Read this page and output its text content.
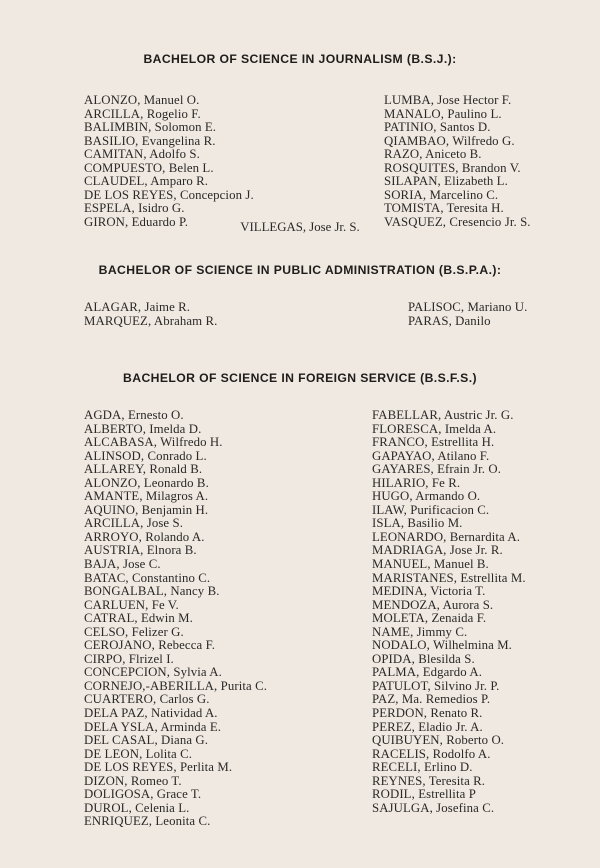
BACHELOR OF SCIENCE IN JOURNALISM (B.S.J.):
ALONZO, Manuel O.
ARCILLA, Rogelio F.
BALIMBIN, Solomon E.
BASILIO, Evangelina R.
CAMITAN, Adolfo S.
COMPUESTO, Belen L.
CLAUDEL, Amparo R.
DE LOS REYES, Concepcion J.
ESPELA, Isidro G.
GIRON, Eduardo P.
LUMBA, Jose Hector F.
MANALO, Paulino L.
PATINIO, Santos D.
QIAMBAO, Wilfredo G.
RAZO, Aniceto B.
ROSQUITES, Brandon V.
SILAPAN, Elizabeth L.
SORIA, Marcelino C.
TOMISTA, Teresita H.
VASQUEZ, Cresencio Jr. S.
VILLEGAS, Jose Jr. S.
BACHELOR OF SCIENCE IN PUBLIC ADMINISTRATION (B.S.P.A.):
ALAGAR, Jaime R.
MARQUEZ, Abraham R.
PALISOC, Mariano U.
PARAS, Danilo
BACHELOR OF SCIENCE IN FOREIGN SERVICE (B.S.F.S.)
AGDA, Ernesto O.
ALBERTO, Imelda D.
ALCABASA, Wilfredo H.
ALINSOD, Conrado L.
ALLAREY, Ronald B.
ALONZO, Leonardo B.
AMANTE, Milagros A.
AQUINO, Benjamin H.
ARCILLA, Jose S.
ARROYO, Rolando A.
AUSTRIA, Elnora B.
BAJA, Jose C.
BATAC, Constantino C.
BONGALBAL, Nancy B.
CARLUEN, Fe V.
CATRAL, Edwin M.
CELSO, Felizer G.
CEROJANO, Rebecca F.
CIRPO, Flrizel I.
CONCEPCION, Sylvia A.
CORNEJO,-ABERILLA, Purita C.
CUARTERO, Carlos G.
DELA PAZ, Natividad A.
DELA YSLA, Arminda E.
DEL CASAL, Diana G.
DE LEON, Lolita C.
DE LOS REYES, Perlita M.
DIZON, Romeo T.
DOLIGOSA, Grace T.
DUROL, Celenia L.
ENRIQUEZ, Leonita C.
FABELLAR, Austric Jr. G.
FLORESCA, Imelda A.
FRANCO, Estrellita H.
GAPAYAO, Atilano F.
GAYARES, Efrain Jr. O.
HILARIO, Fe R.
HUGO, Armando O.
ILAW, Purificacion C.
ISLA, Basilio M.
LEONARDO, Bernardita A.
MADRIAGA, Jose Jr. R.
MANUEL, Manuel B.
MARISTANES, Estrellita M.
MEDINA, Victoria T.
MENDOZA, Aurora S.
MOLETA, Zenaida F.
NAME, Jimmy C.
NODALO, Wilhelmina M.
OPIDA, Blesilda S.
PALMA, Edgardo A.
PATULOT, Silvino Jr. P.
PAZ, Ma. Remedios P.
PERDON, Renato R.
PEREZ, Eladio Jr. A.
QUIBUYEN, Roberto O.
RACELIS, Rodolfo A.
RECELI, Erlino D.
REYNES, Teresita R.
RODIL, Estrellita P
SAJULGA, Josefina C.
